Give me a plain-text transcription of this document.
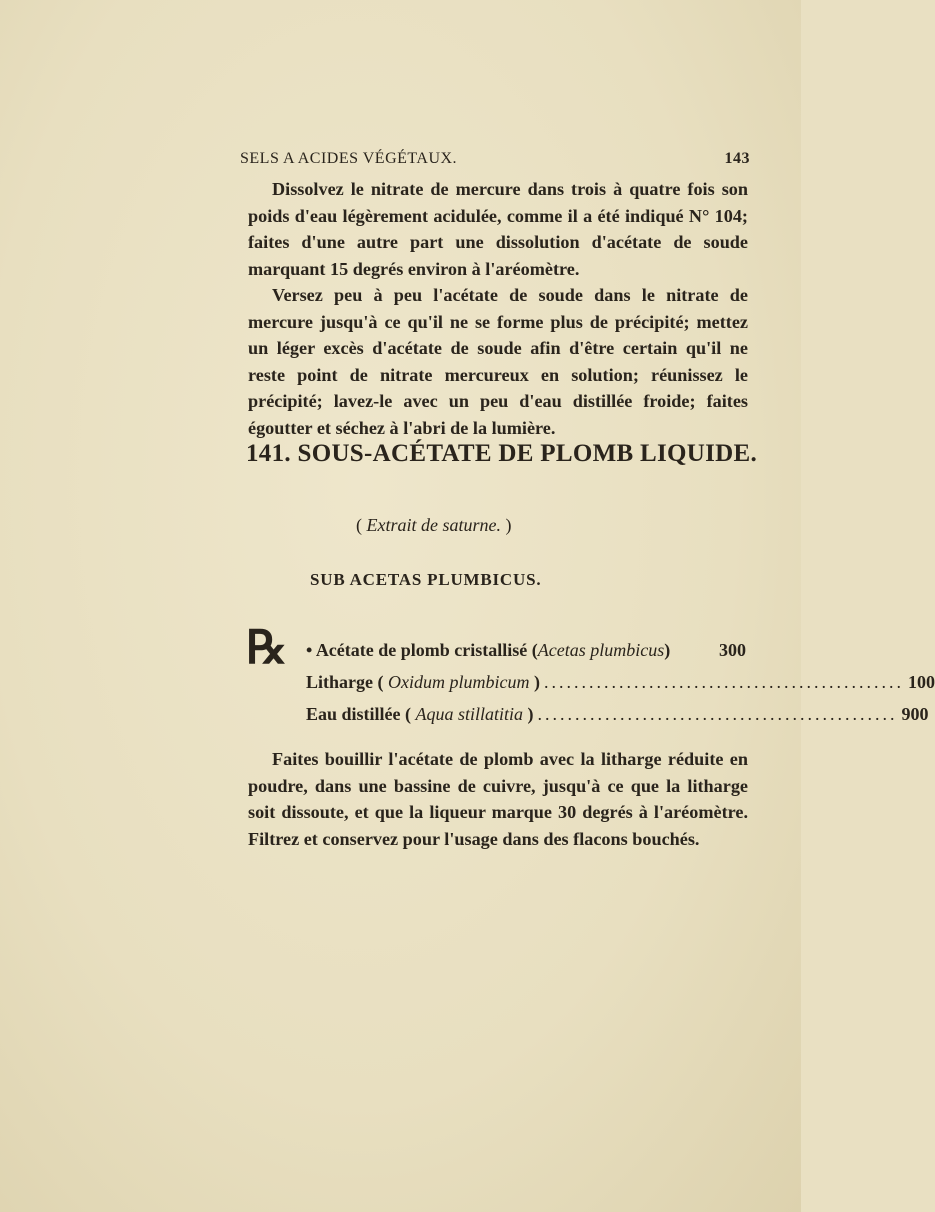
SELS A ACIDES VÉGÉTAUX.	143

Dissolvez le nitrate de mercure dans trois à quatre fois son poids d'eau légèrement acidulée, comme il a été indiqué N° 104; faites d'une autre part une dissolution d'acétate de soude marquant 15 degrés environ à l'aréomètre.

Versez peu à peu l'acétate de soude dans le nitrate de mercure jusqu'à ce qu'il ne se forme plus de précipité; mettez un léger excès d'acétate de soude afin d'être certain qu'il ne reste point de nitrate mercureux en solution; réunissez le précipité; lavez-le avec un peu d'eau distillée froide; faites égoutter et séchez à l'abri de la lumière.

141. SOUS-ACÉTATE DE PLOMB LIQUIDE.
( Extrait de saturne. )
SUB ACETAS PLUMBICUS.
℞ • Acétate de plomb cristallisé (Acetas plumbicus)	300
Litharge ( Oxidum plumbicum ) ................................................ 100
Eau distillée ( Aqua stillatitia ) ................................................ 900

Faites bouillir l'acétate de plomb avec la litharge réduite en poudre, dans une bassine de cuivre, jusqu'à ce que la litharge soit dissoute, et que la liqueur marque 30 degrés à l'aréomètre. Filtrez et conservez pour l'usage dans des flacons bouchés.
